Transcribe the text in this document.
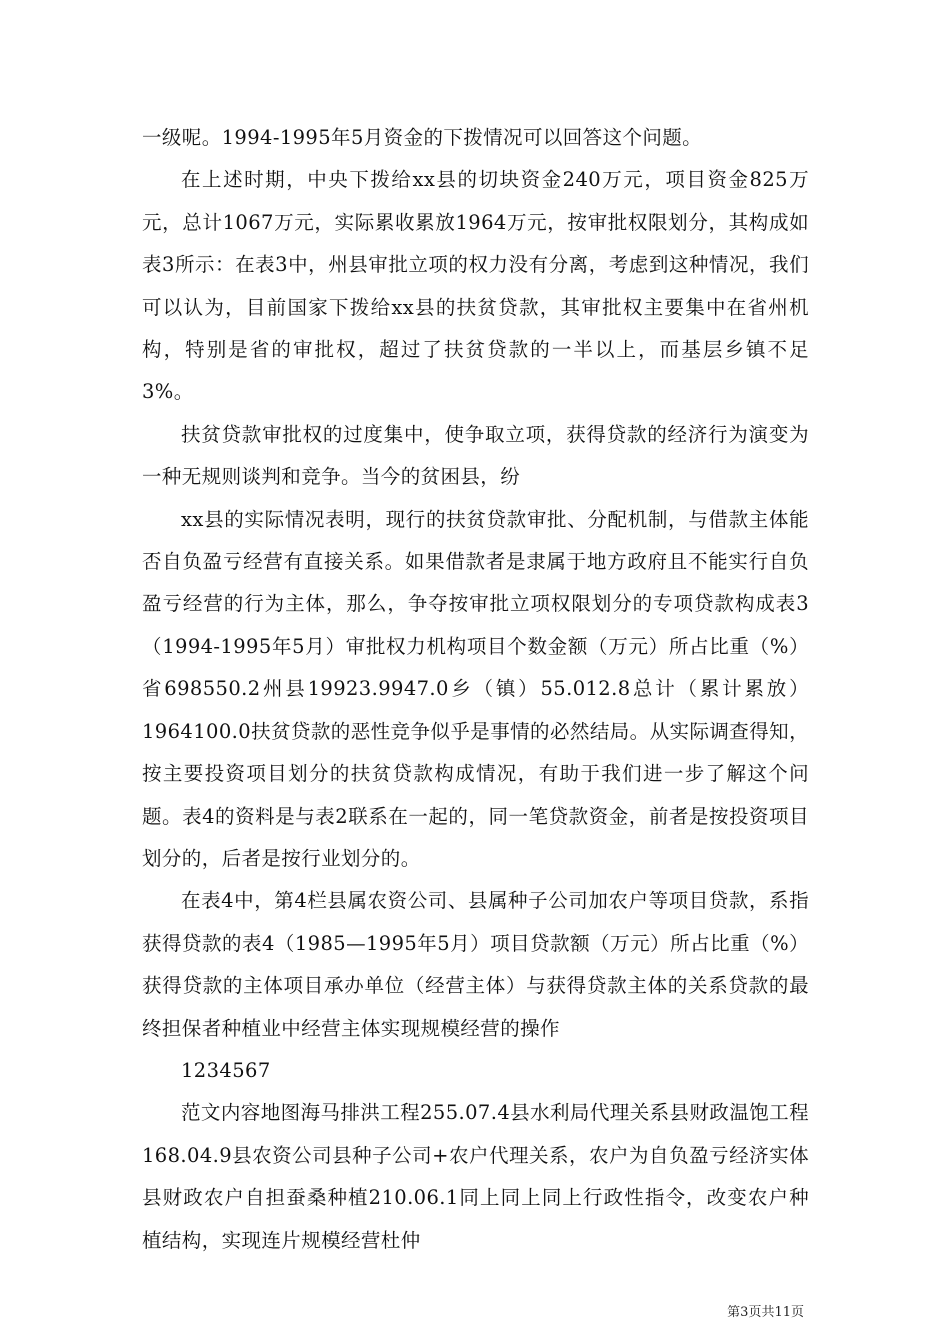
一级呢。1994-1995年5月资金的下拨情况可以回答这个问题。

在上述时期，中央下拨给xx县的切块资金240万元，项目资金825万元，总计1067万元，实际累收累放1964万元，按审批权限划分，其构成如表3所示：在表3中，州县审批立项的权力没有分离，考虑到这种情况，我们可以认为，目前国家下拨给xx县的扶贫贷款，其审批权主要集中在省州机构，特别是省的审批权，超过了扶贫贷款的一半以上，而基层乡镇不足3%。

扶贫贷款审批权的过度集中，使争取立项，获得贷款的经济行为演变为一种无规则谈判和竞争。当今的贫困县，纷

xx县的实际情况表明，现行的扶贫贷款审批、分配机制，与借款主体能否自负盈亏经营有直接关系。如果借款者是隶属于地方政府且不能实行自负盈亏经营的行为主体，那么，争夺按审批立项权限划分的专项贷款构成表3（1994-1995年5月）审批权力机构项目个数金额（万元）所占比重（%）省698550.2州县19923.9947.0乡（镇）55.012.8总计（累计累放）1964100.0扶贫贷款的恶性竞争似乎是事情的必然结局。从实际调查得知，按主要投资项目划分的扶贫贷款构成情况，有助于我们进一步了解这个问题。表4的资料是与表2联系在一起的，同一笔贷款资金，前者是按投资项目划分的，后者是按行业划分的。

在表4中，第4栏县属农资公司、县属种子公司加农户等项目贷款，系指获得贷款的表4（1985—1995年5月）项目贷款额（万元）所占比重（%）获得贷款的主体项目承办单位（经营主体）与获得贷款主体的关系贷款的最终担保者种植业中经营主体实现规模经营的操作

1234567

范文内容地图海马排洪工程255.07.4县水利局代理关系县财政温饱工程168.04.9县农资公司县种子公司+农户代理关系，农户为自负盈亏经济实体县财政农户自担蚕桑种植210.06.1同上同上同上行政性指令，改变农户种植结构，实现连片规模经营杜仲

第3页共11页
